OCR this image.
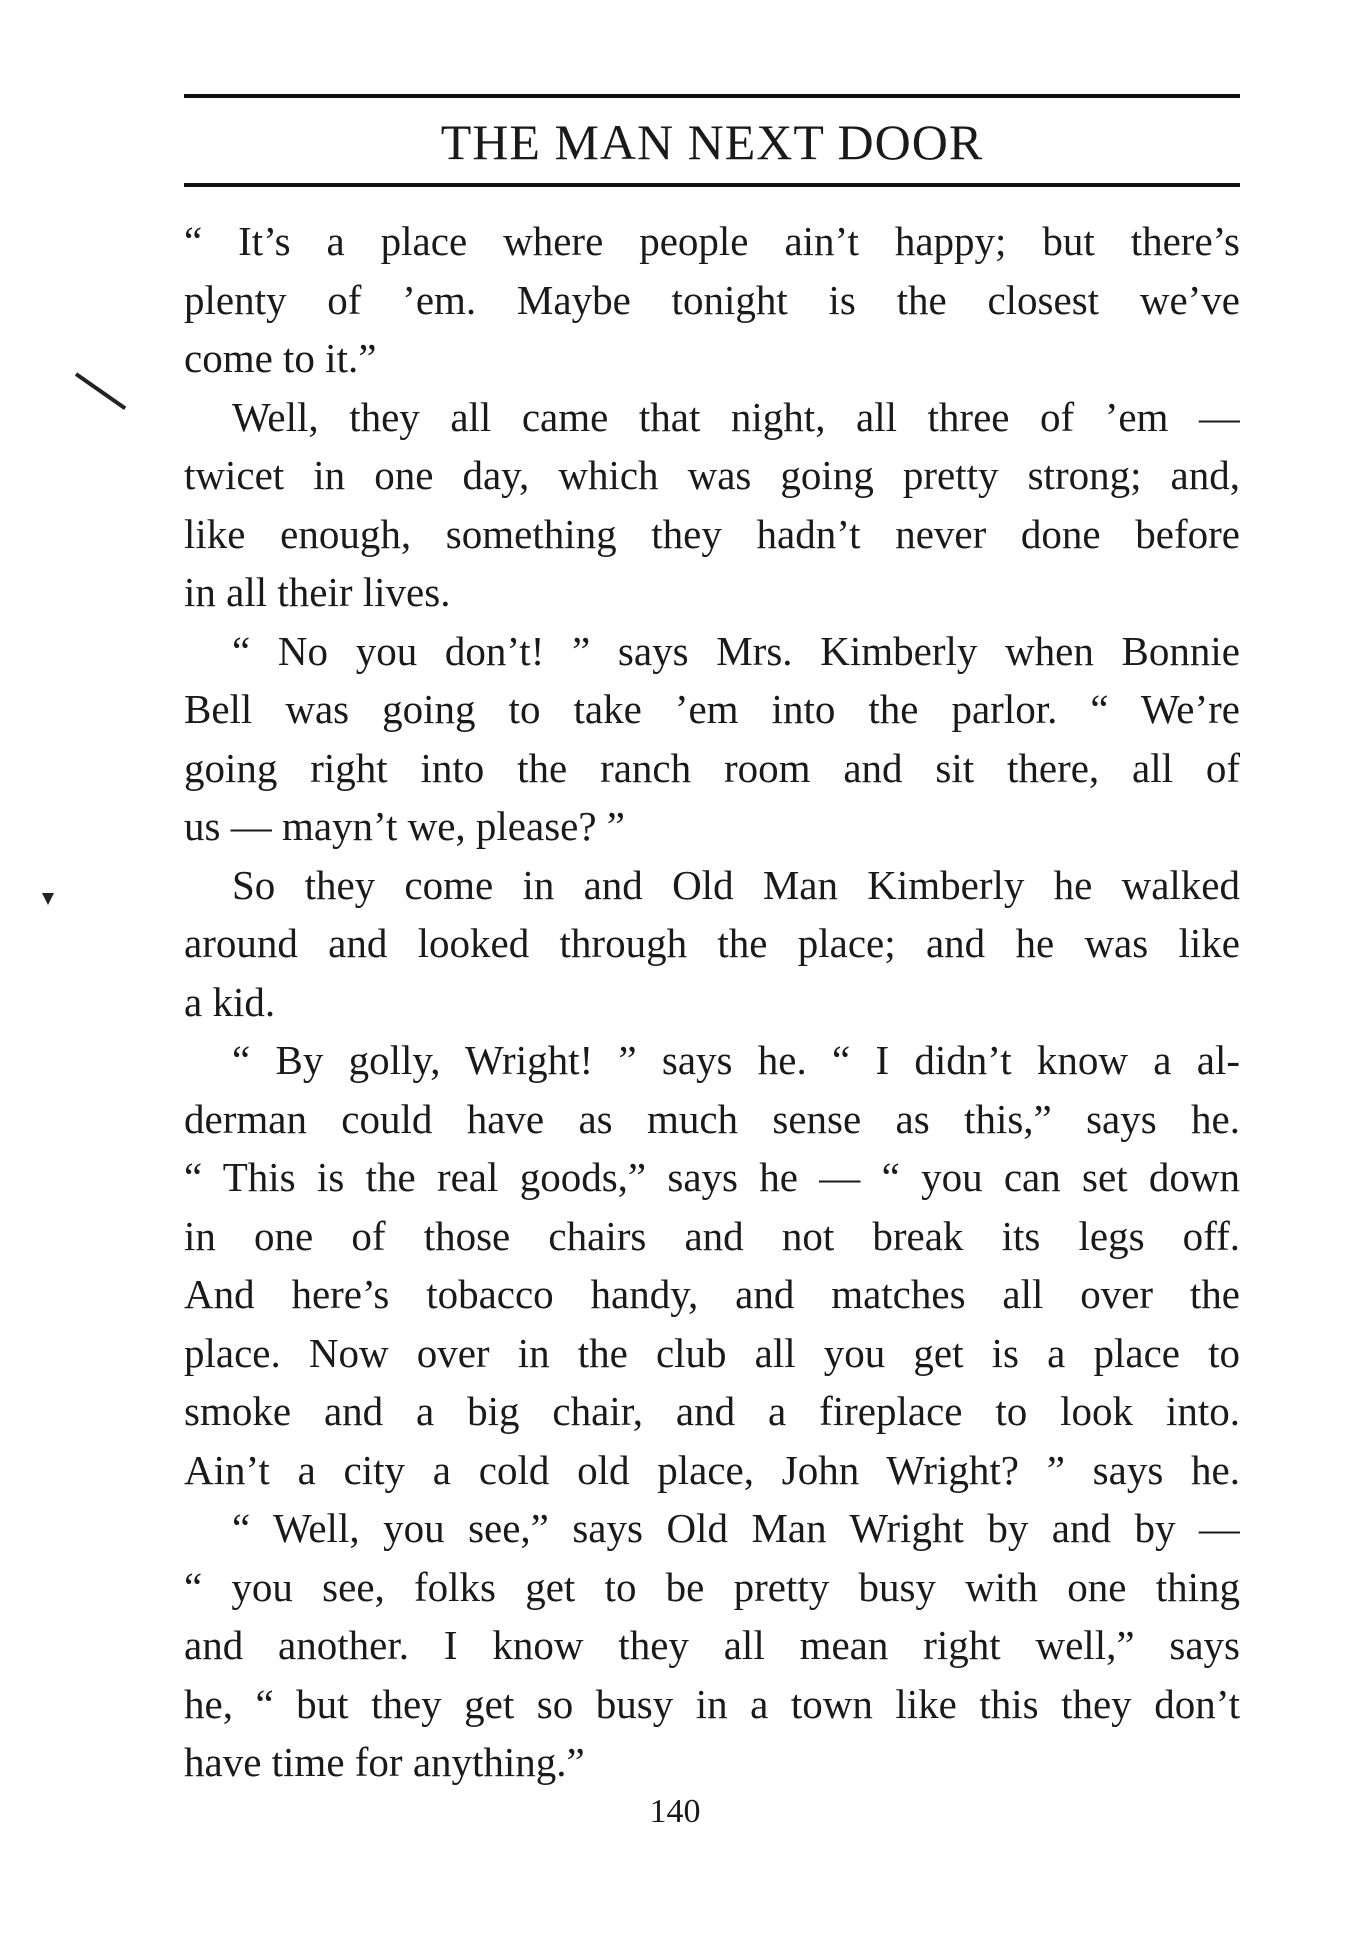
THE MAN NEXT DOOR
“ It’s a place where people ain’t happy; but there’s
plenty of ’em. Maybe tonight is the closest we’ve
come to it.”
Well, they all came that night, all three of ’em —
twicet in one day, which was going pretty strong; and,
like enough, something they hadn’t never done before
in all their lives.
“ No you don’t! ” says Mrs. Kimberly when Bonnie
Bell was going to take ’em into the parlor. “ We’re
going right into the ranch room and sit there, all of
us — mayn’t we, please? ”
So they come in and Old Man Kimberly he walked
around and looked through the place; and he was like
a kid.
“ By golly, Wright! ” says he. “ I didn’t know a al-
derman could have as much sense as this,” says he.
“ This is the real goods,” says he — “ you can set down
in one of those chairs and not break its legs off.
And here’s tobacco handy, and matches all over the
place. Now over in the club all you get is a place to
smoke and a big chair, and a fireplace to look into.
Ain’t a city a cold old place, John Wright? ” says he.
“ Well, you see,” says Old Man Wright by and by —
“ you see, folks get to be pretty busy with one thing
and another. I know they all mean right well,” says
he, “ but they get so busy in a town like this they don’t
have time for anything.”
140
